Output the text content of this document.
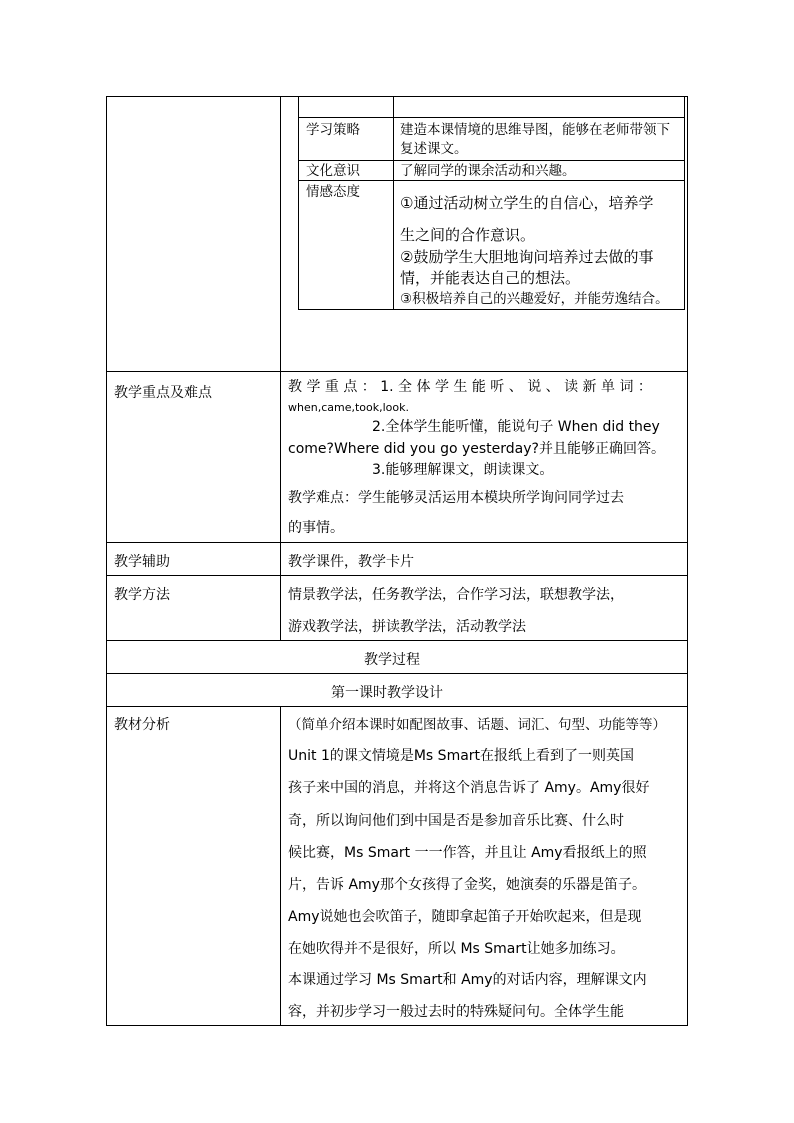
学习策略	建造本课情境的思维导图，能够在老师带领下
复述课文。
文化意识	了解同学的课余活动和兴趣。
情感态度
①通过活动树立学生的自信心，培养学
生之间的合作意识。
②鼓励学生大胆地询问培养过去做的事
情，并能表达自己的想法。
③积极培养自己的兴趣爱好，并能劳逸结合。
教学重点及难点	教 学 重 点 ： 1. 全 体 学 生 能 听 、 说 、 读 新 单 词 ：
when,came,took,look.
2.全体学生能听懂，能说句子 When did they
come?Where did you go yesterday?并且能够正确回答。
3.能够理解课文，朗读课文。
教学难点：学生能够灵活运用本模块所学询问同学过去
的事情。
教学辅助	教学课件，教学卡片
教学方法	情景教学法，任务教学法，合作学习法，联想教学法，
游戏教学法，拼读教学法，活动教学法
教学过程
第一课时教学设计
教材分析	（简单介绍本课时如配图故事、话题、词汇、句型、功能等等）
Unit 1的课文情境是Ms Smart在报纸上看到了一则英国
孩子来中国的消息，并将这个消息告诉了 Amy。Amy很好
奇，所以询问他们到中国是否是参加音乐比赛、什么时
候比赛，Ms Smart 一一作答，并且让 Amy看报纸上的照
片，告诉 Amy那个女孩得了金奖，她演奏的乐器是笛子。
Amy说她也会吹笛子，随即拿起笛子开始吹起来，但是现
在她吹得并不是很好，所以 Ms Smart让她多加练习。
本课通过学习 Ms Smart和 Amy的对话内容，理解课文内
容，并初步学习一般过去时的特殊疑问句。全体学生能
